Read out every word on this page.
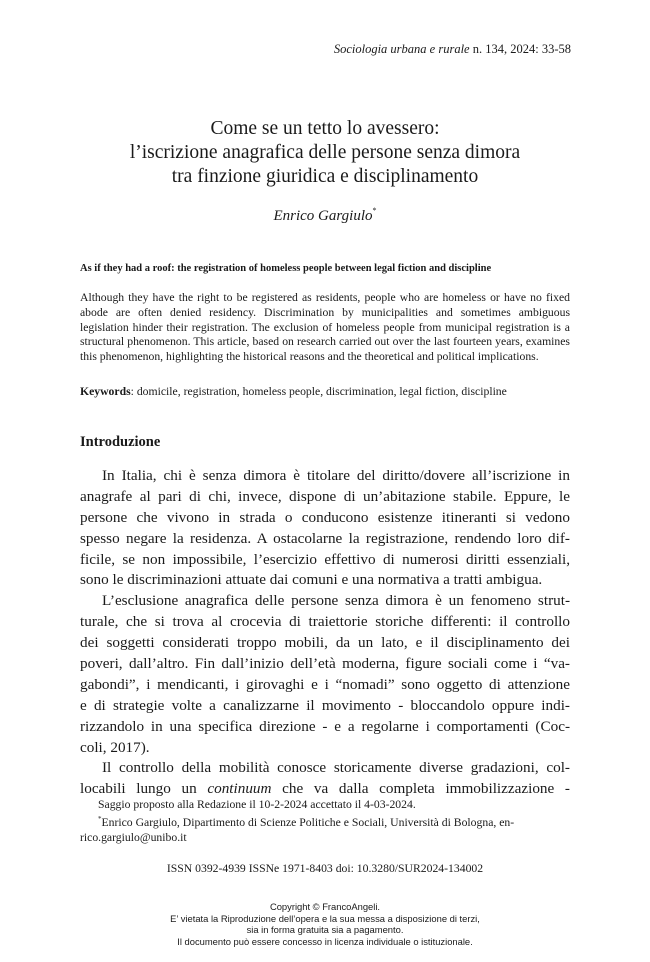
Sociologia urbana e rurale n. 134, 2024: 33-58
Come se un tetto lo avessero:
l’iscrizione anagrafica delle persone senza dimora
tra finzione giuridica e disciplinamento
Enrico Gargiulo*
As if they had a roof: the registration of homeless people between legal fiction and discipline

Although they have the right to be registered as residents, people who are homeless or have no fixed abode are often denied residency. Discrimination by municipalities and sometimes ambiguous legislation hinder their registration. The exclusion of homeless people from municipal registration is a structural phenomenon. This article, based on research carried out over the last fourteen years, examines this phenomenon, highlighting the historical reasons and the theoretical and political implications.

Keywords: domicile, registration, homeless people, discrimination, legal fiction, discipline
Introduzione
In Italia, chi è senza dimora è titolare del diritto/dovere all’iscrizione in
anagrafe al pari di chi, invece, dispone di un’abitazione stabile. Eppure, le
persone che vivono in strada o conducono esistenze itineranti si vedono
spesso negare la residenza. A ostacolarne la registrazione, rendendo loro dif-
ficile, se non impossibile, l’esercizio effettivo di numerosi diritti essenziali,
sono le discriminazioni attuate dai comuni e una normativa a tratti ambigua.
L’esclusione anagrafica delle persone senza dimora è un fenomeno strut-
turale, che si trova al crocevia di traiettorie storiche differenti: il controllo
dei soggetti considerati troppo mobili, da un lato, e il disciplinamento dei
poveri, dall’altro. Fin dall’inizio dell’età moderna, figure sociali come i “va-
gabondi”, i mendicanti, i girovaghi e i “nomadi” sono oggetto di attenzione
e di strategie volte a canalizzarne il movimento - bloccandolo oppure indi-
rizzandolo in una specifica direzione - e a regolarne i comportamenti (Coc-
coli, 2017).
Il controllo della mobilità conosce storicamente diverse gradazioni, col-
locabili lungo un continuum che va dalla completa immobilizzazione -
Saggio proposto alla Redazione il 10-2-2024 accettato il 4-03-2024.
*Enrico Gargiulo, Dipartimento di Scienze Politiche e Sociali, Università di Bologna, en-
rico.gargiulo@unibo.it
ISSN 0392-4939 ISSNe 1971-8403 doi: 10.3280/SUR2024-134002
Copyright © FrancoAngeli.
E’ vietata la Riproduzione dell’opera e la sua messa a disposizione di terzi,
sia in forma gratuita sia a pagamento.
Il documento può essere concesso in licenza individuale o istituzionale.
